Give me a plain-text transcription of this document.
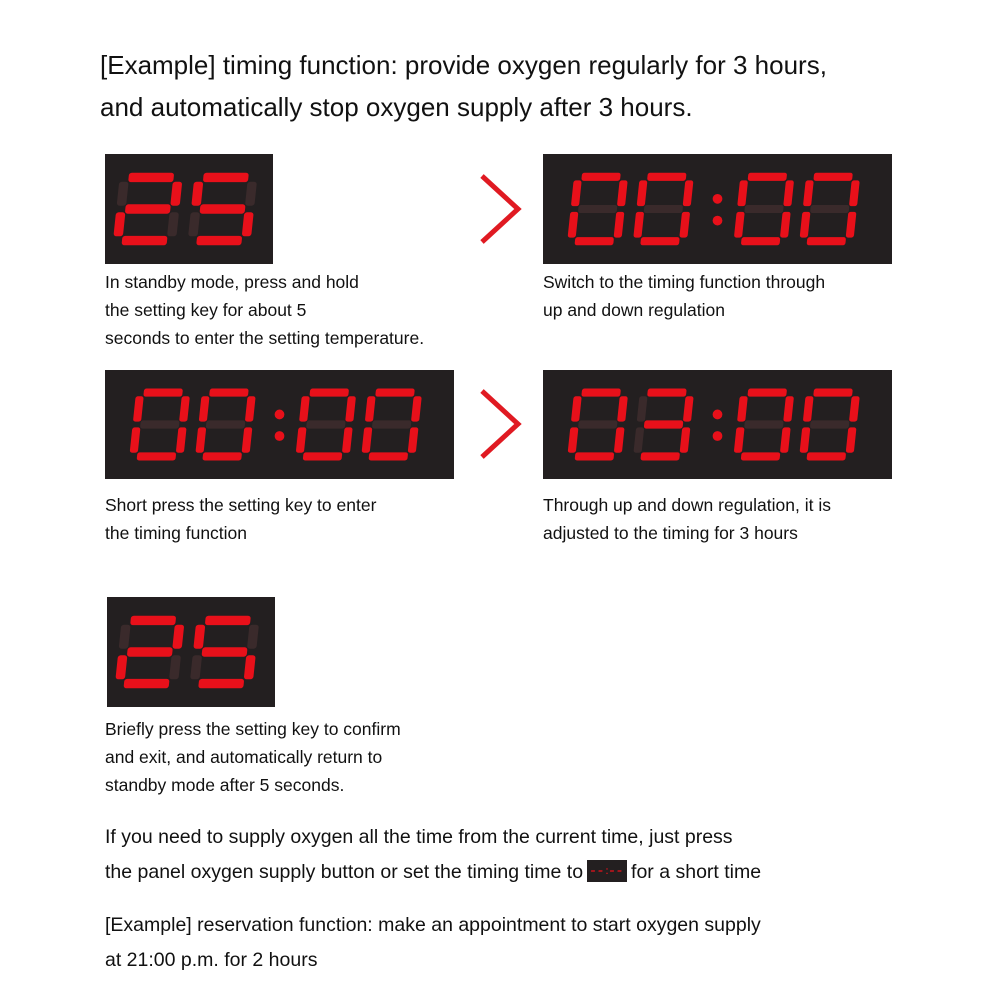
[Example] timing function: provide oxygen regularly for 3 hours,
and automatically stop oxygen supply after 3 hours.
In standby mode, press and hold
the setting key for about 5
seconds to enter the setting temperature.
Switch to the timing function through
up and down regulation
Short press the setting key to enter
the timing function
Through up and down regulation, it is
adjusted to the timing for 3 hours
Briefly press the setting key to confirm
and exit, and automatically return to
standby mode after 5 seconds.
If you need to supply oxygen all the time from the current time, just press
the panel oxygen supply button or set the timing time to for a short time
[Example] reservation function: make an appointment to start oxygen supply
at 21:00 p.m. for 2 hours
